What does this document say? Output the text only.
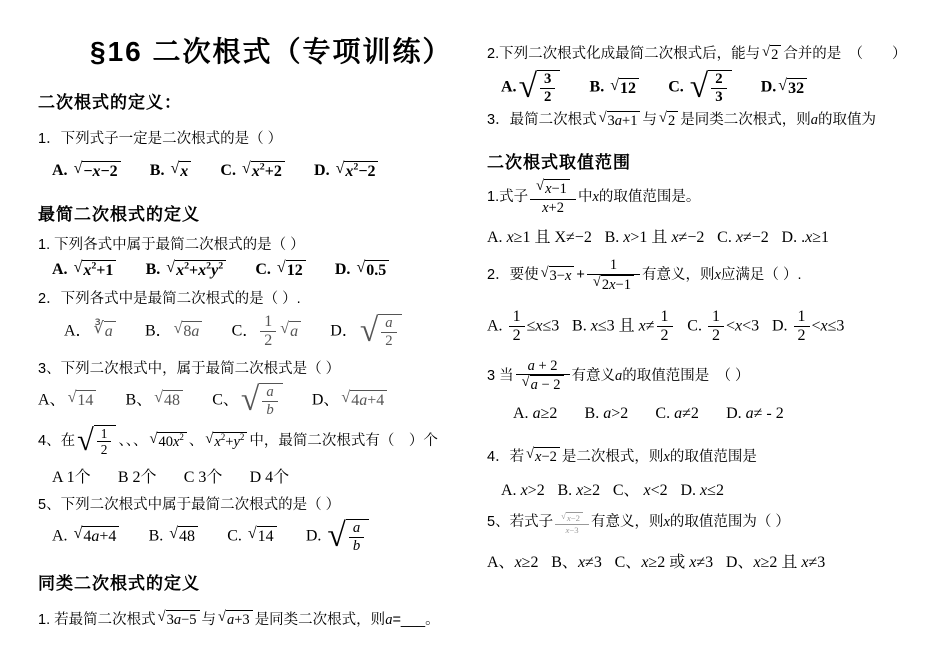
§16 二次根式（专项训练）
二次根式的定义：
1．下列式子一定是二次根式的是（ ）
A. √ −x−2 B. √ x C. √ $x^2+2$ D. √ $x^2-2$
最简二次根式的定义
1. 下列各式中属于最简二次根式的是（ ）
A. √ $x^2+1$ B. √ $x^2+x^2y^2$ C. √ 12 D. √ 0.5
2．下列各式中是最简二次根式的是（ ）.
A． ∛ a B． √ 8a C． $\frac{1}{2}$ √ a D． √ $\frac{a}{2}$
3、下列二次根式中，属于最简二次根式是（ ）
A、 √ 14 B、 √ 48 C、 √ $\frac{a}{b}$ D、 √ 4a+4
4、在 √ $\frac{1}{2}$ 、、、 √ $40x^2$ 、 √ $x^2+y^2$ 中，最简二次根式有（　）个
A 1个 B 2个 C 3个 D 4个
5、下列二次根式中属于最简二次根式的是（ ）
A. √ 4a+4 B. √ 48 C. √ 14 D. √ $\frac{a}{b}$
同类二次根式的定义
1. 若最简二次根式 √ 3a−5 与 √ a+3 是同类二次根式，则a=___。
2.下列二次根式化成最简二次根式后，能与 √ 2 合并的是　（　　）
A. √ $\frac{3}{2} B$. √ 12 C. √ $\frac{2}{3} D$. √ 32
3．最简二次根式 √ 3a+1 与 √ 2 是同类二次根式，则a的取值为
二次根式取值范围
1.式子 $\frac{√ x-1}{x+2}$ 中x的取值范围是。
A. x≥1 且 X≠−2 B. x>1 且 x≠−2 C. x≠−2 D. .x≥1
2．要使 √ $3-x + \frac{1}{√ 2x-1}$ 有意义，则x应满足（ ）.
A. $\frac{1}{2} \le x\le 3$ B. x≤3 且 $x\ne \frac{1}{2} C$. $\frac{1}{2} <x<3$ D. $\frac{1}{2} <x\le 3$
3 当 $\frac{a + 2}{√ a - 2}$ 有意义a的取值范围是　（ ）
A. a≥2 B. a>2 C. a≠2 D. a≠ - 2
4．若 √ x−2 是二次根式，则x的取值范围是
A. x>2 B. x≥2 C、 x<2 D. x≤2
5、若式子 $\frac{√ x-2}{x-3}$ 有意义，则x的取值范围为（ ）
A、x≥2 B、x≠3 C、x≥2 或 x≠3 D、x≥2 且 x≠3
